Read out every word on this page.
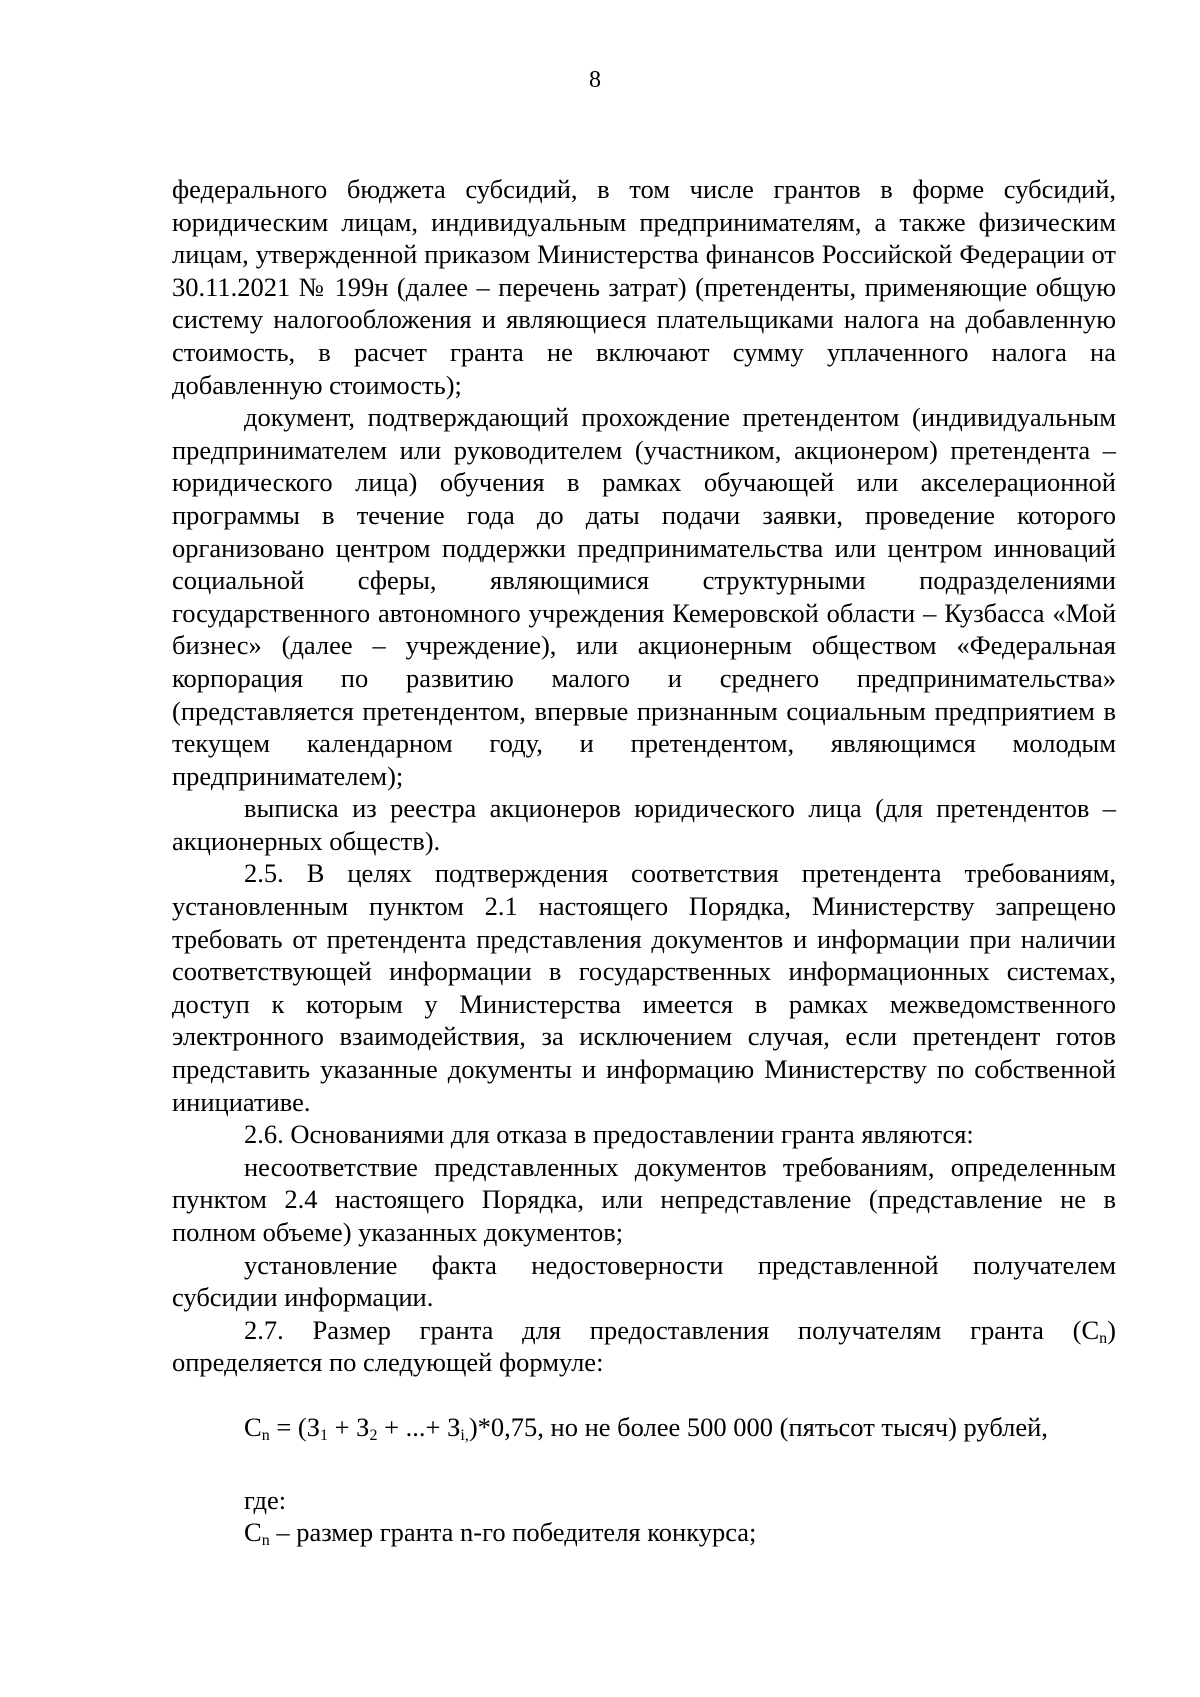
8

федерального бюджета субсидий, в том числе грантов в форме субсидий, юридическим лицам, индивидуальным предпринимателям, а также физическим лицам, утвержденной приказом Министерства финансов Российской Федерации от 30.11.2021 № 199н (далее – перечень затрат) (претенденты, применяющие общую систему налогообложения и являющиеся плательщиками налога на добавленную стоимость, в расчет гранта не включают сумму уплаченного налога на добавленную стоимость);

документ, подтверждающий прохождение претендентом (индивидуальным предпринимателем или руководителем (участником, акционером) претендента – юридического лица) обучения в рамках обучающей или акселерационной программы в течение года до даты подачи заявки, проведение которого организовано центром поддержки предпринимательства или центром инноваций социальной сферы, являющимися структурными подразделениями государственного автономного учреждения Кемеровской области – Кузбасса «Мой бизнес» (далее – учреждение), или акционерным обществом «Федеральная корпорация по развитию малого и среднего предпринимательства» (представляется претендентом, впервые признанным социальным предприятием в текущем календарном году, и претендентом, являющимся молодым предпринимателем);

выписка из реестра акционеров юридического лица (для претендентов – акционерных обществ).

2.5. В целях подтверждения соответствия претендента требованиям, установленным пунктом 2.1 настоящего Порядка, Министерству запрещено требовать от претендента представления документов и информации при наличии соответствующей информации в государственных информационных системах, доступ к которым у Министерства имеется в рамках межведомственного электронного взаимодействия, за исключением случая, если претендент готов представить указанные документы и информацию Министерству по собственной инициативе.

2.6. Основаниями для отказа в предоставлении гранта являются:

несоответствие представленных документов требованиям, определенным пунктом 2.4 настоящего Порядка, или непредставление (представление не в полном объеме) указанных документов;

установление факта недостоверности представленной получателем субсидии информации.

2.7. Размер гранта для предоставления получателям гранта $(С_n)$ определяется по следующей формуле:

$С_n = (З_1 + З_2$ + ...+ $З_{i,})*0,75$, но не более 500 000 (пятьсот тысяч) рублей,

где:

$С_n$ – размер гранта n-го победителя конкурса;
